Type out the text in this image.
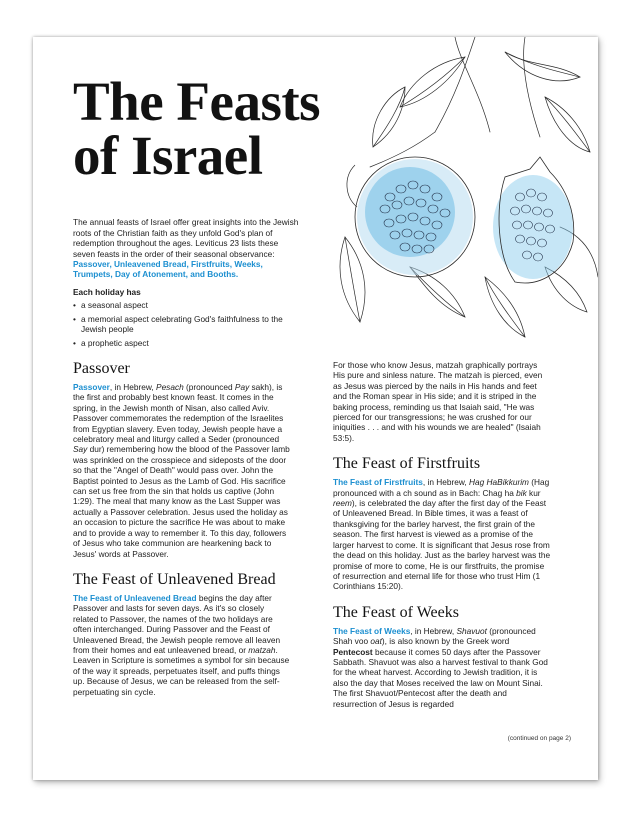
The Feasts
of Israel

The annual feasts of Israel offer great insights into the Jewish roots of the Christian faith as they unfold God's plan of redemption throughout the ages. Leviticus 23 lists these seven feasts in the order of their seasonal observance: Passover, Unleavened Bread, Firstfruits, Weeks, Trumpets, Day of Atonement, and Booths.

Each holiday has
• a seasonal aspect
• a memorial aspect celebrating God's faithfulness to the Jewish people
• a prophetic aspect
Passover

Passover, in Hebrew, Pesach (pronounced Pay sakh), is the first and probably best known feast. It comes in the spring, in the Jewish month of Nisan, also called Aviv. Passover commemorates the redemption of the Israelites from Egyptian slavery. Even today, Jewish people have a celebratory meal and liturgy called a Seder (pronounced Say dur) remembering how the blood of the Passover lamb was sprinkled on the crosspiece and sideposts of the door so that the "Angel of Death" would pass over. John the Baptist pointed to Jesus as the Lamb of God. His sacrifice can set us free from the sin that holds us captive (John 1:29). The meal that many know as the Last Supper was actually a Passover celebration. Jesus used the holiday as an occasion to picture the sacrifice He was about to make and to provide a way to remember it. To this day, followers of Jesus who take communion are hearkening back to Jesus' words at Passover.

The Feast of Unleavened Bread

The Feast of Unleavened Bread begins the day after Passover and lasts for seven days. As it's so closely related to Passover, the names of the two holidays are often interchanged. During Passover and the Feast of Unleavened Bread, the Jewish people remove all leaven from their homes and eat unleavened bread, or matzah. Leaven in Scripture is sometimes a symbol for sin because of the way it spreads, perpetuates itself, and puffs things up. Because of Jesus, we can be released from the self-perpetuating sin cycle.

For those who know Jesus, matzah graphically portrays His pure and sinless nature. The matzah is pierced, even as Jesus was pierced by the nails in His hands and feet and the Roman spear in His side; and it is striped in the baking process, reminding us that Isaiah said, "He was pierced for our transgressions; he was crushed for our iniquities . . . and with his wounds we are healed" (Isaiah 53:5).

The Feast of Firstfruits

The Feast of Firstfruits, in Hebrew, Hag HaBikkurim (Hag pronounced with a ch sound as in Bach: Chag ha bik kur reem), is celebrated the day after the first day of the Feast of Unleavened Bread. In Bible times, it was a feast of thanksgiving for the barley harvest, the first grain of the season. The first harvest is viewed as a promise of the larger harvest to come. It is significant that Jesus rose from the dead on this holiday. Just as the barley harvest was the promise of more to come, He is our firstfruits, the promise of resurrection and eternal life for those who trust Him (1 Corinthians 15:20).

The Feast of Weeks

The Feast of Weeks, in Hebrew, Shavuot (pronounced Shah voo oat), is also known by the Greek word Pentecost because it comes 50 days after the Passover Sabbath. Shavuot was also a harvest festival to thank God for the wheat harvest. According to Jewish tradition, it is also the day that Moses received the law on Mount Sinai. The first Shavuot/Pentecost after the death and resurrection of Jesus is regarded

(continued on page 2)
